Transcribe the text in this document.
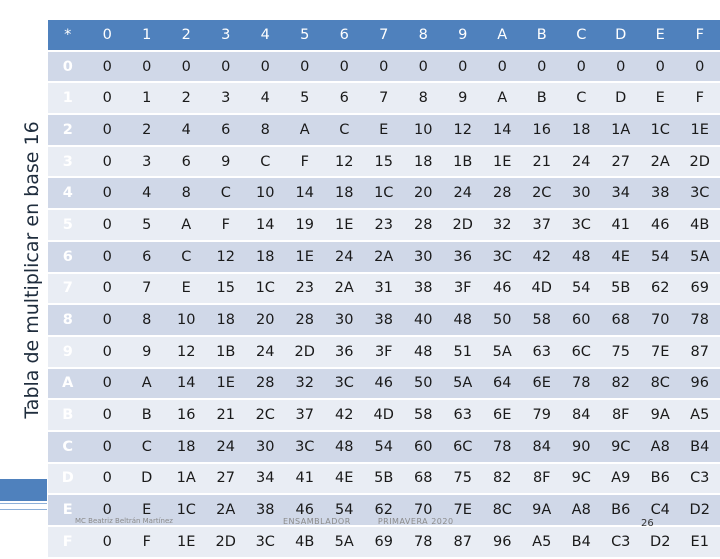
Tabla de multiplicar en base 16
*	0	1	2	3	4	5	6	7	8	9	A	B	C	D	E	F
0	0	0	0	0	0	0	0	0	0	0	0	0	0	0	0	0
1	0	1	2	3	4	5	6	7	8	9	A	B	C	D	E	F
2	0	2	4	6	8	A	C	E	10	12	14	16	18	1A	1C	1E
3	0	3	6	9	C	F	12	15	18	1B	1E	21	24	27	2A	2D
4	0	4	8	C	10	14	18	1C	20	24	28	2C	30	34	38	3C
5	0	5	A	F	14	19	1E	23	28	2D	32	37	3C	41	46	4B
6	0	6	C	12	18	1E	24	2A	30	36	3C	42	48	4E	54	5A
7	0	7	E	15	1C	23	2A	31	38	3F	46	4D	54	5B	62	69
8	0	8	10	18	20	28	30	38	40	48	50	58	60	68	70	78
9	0	9	12	1B	24	2D	36	3F	48	51	5A	63	6C	75	7E	87
A	0	A	14	1E	28	32	3C	46	50	5A	64	6E	78	82	8C	96
B	0	B	16	21	2C	37	42	4D	58	63	6E	79	84	8F	9A	A5
C	0	C	18	24	30	3C	48	54	60	6C	78	84	90	9C	A8	B4
D	0	D	1A	27	34	41	4E	5B	68	75	82	8F	9C	A9	B6	C3
E	0	E	1C	2A	38	46	54	62	70	7E	8C	9A	A8	B6	C4	D2
F	0	F	1E	2D	3C	4B	5A	69	78	87	96	A5	B4	C3	D2	E1
MC Beatriz Beltrán Martínez	ENSAMBLADOR	PRIMAVERA 2020	26
